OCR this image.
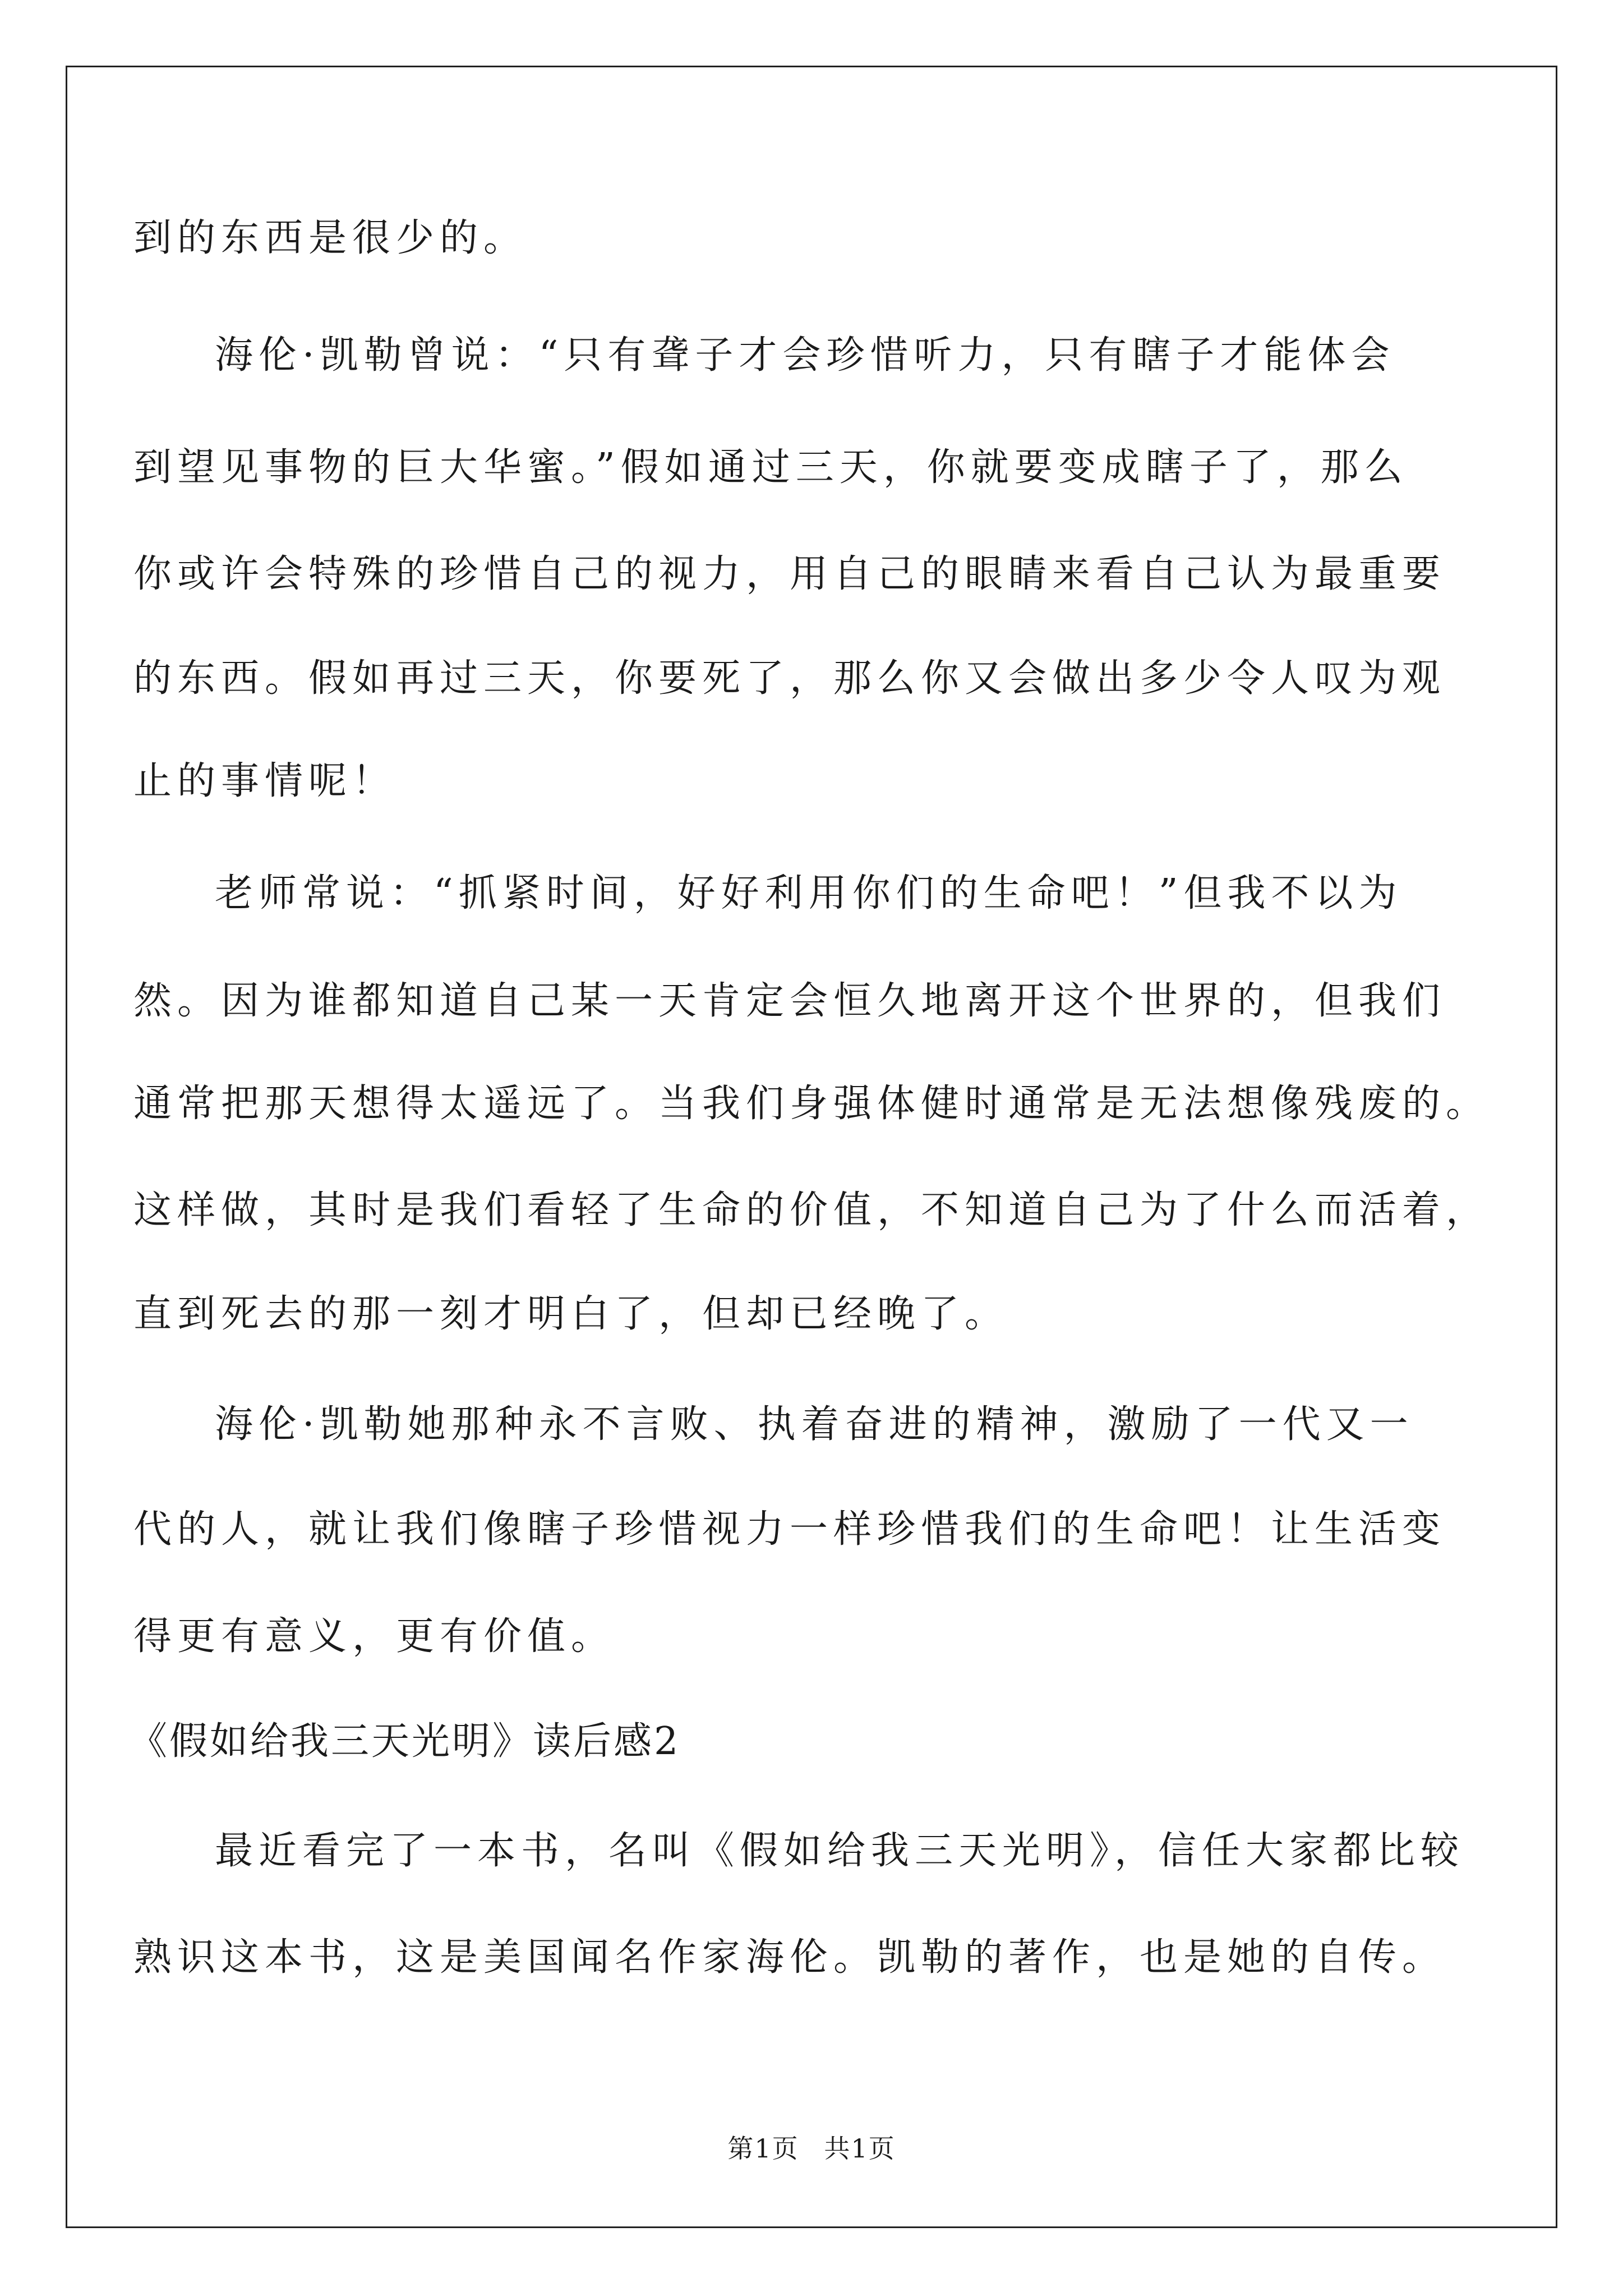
到的东西是很少的。
海伦·凯勒曾说：“只有聋子才会珍惜听力，只有瞎子才能体会
到望见事物的巨大华蜜。”假如通过三天，你就要变成瞎子了，那么
你或许会特殊的珍惜自己的视力，用自己的眼睛来看自己认为最重要
的东西。假如再过三天，你要死了，那么你又会做出多少令人叹为观
止的事情呢！
老师常说：“抓紧时间，好好利用你们的生命吧！”但我不以为
然。因为谁都知道自己某一天肯定会恒久地离开这个世界的，但我们
通常把那天想得太遥远了。当我们身强体健时通常是无法想像残废的。
这样做，其时是我们看轻了生命的价值，不知道自己为了什么而活着，
直到死去的那一刻才明白了，但却已经晚了。
海伦·凯勒她那种永不言败、执着奋进的精神，激励了一代又一
代的人，就让我们像瞎子珍惜视力一样珍惜我们的生命吧！让生活变
得更有意义，更有价值。
《假如给我三天光明》读后感2
最近看完了一本书，名叫《假如给我三天光明》，信任大家都比较
熟识这本书，这是美国闻名作家海伦。凯勒的著作，也是她的自传。
第1页 共1页
